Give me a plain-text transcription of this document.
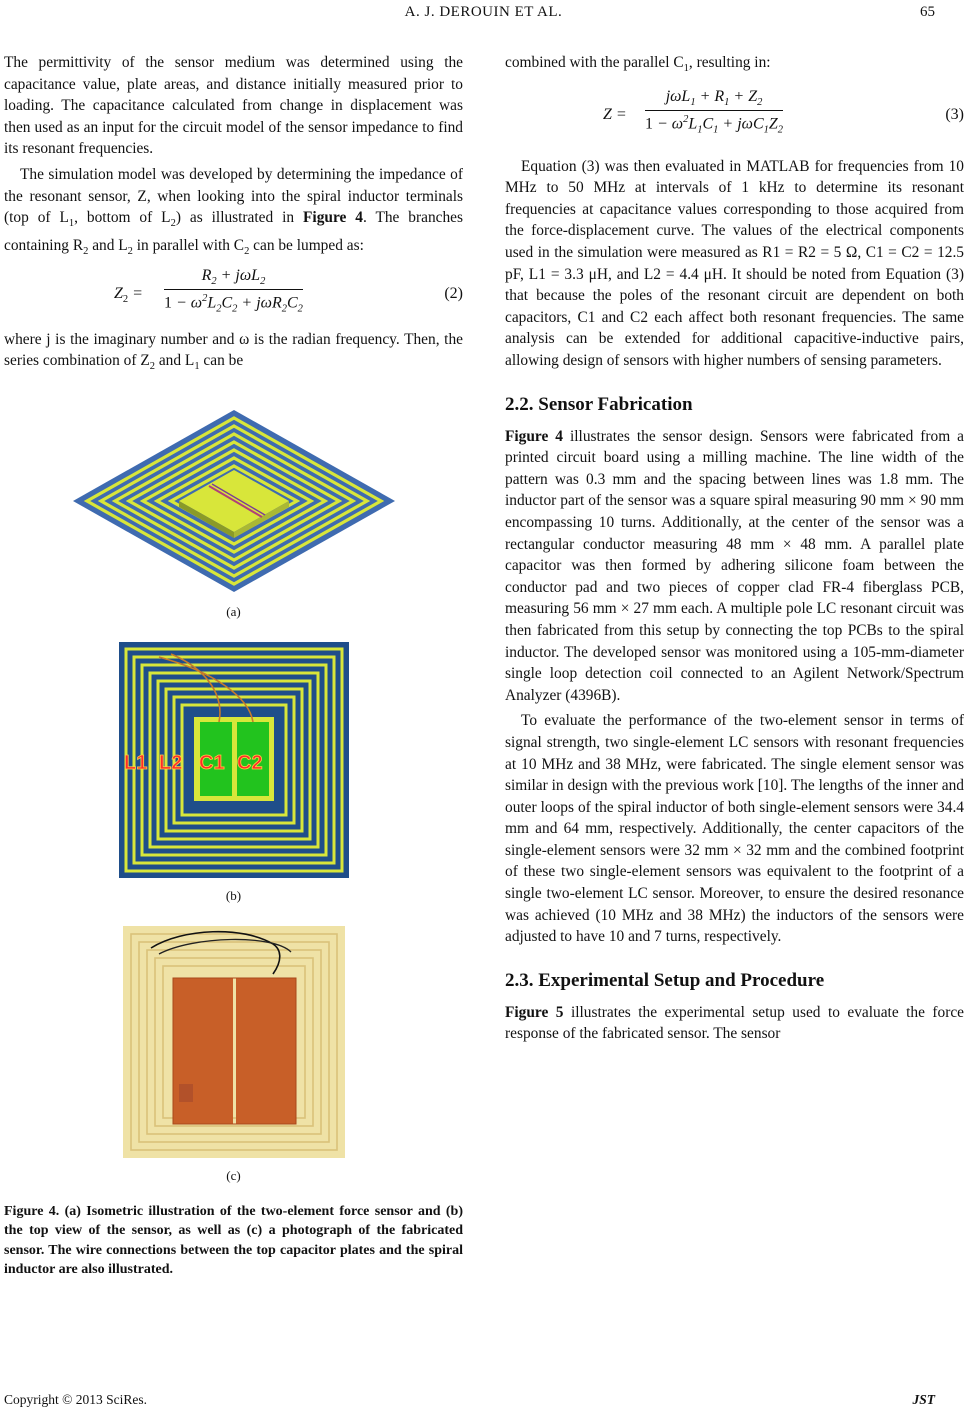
A. J. DEROUIN ET AL.	65

The permittivity of the sensor medium was determined using the capacitance value, plate areas, and distance initially measured prior to loading. The capacitance calculated from change in displacement was then used as an input for the circuit model of the sensor impedance to find its resonant frequencies.

The simulation model was developed by determining the impedance of the resonant sensor, Z, when looking into the spiral inductor terminals (top of $L_1$, bottom of $L_2$) as illustrated in Figure 4. The branches containing $R_2$ and $L_2$ in parallel with $C_2$ can be lumped as:

$Z_2$ =
$R_2 + j\omega L_2$
$1 - \omega^2L_2C_2 + j\omega R_2C_2$
(2)

where j is the imaginary number and ω is the radian frequency. Then, the series combination of $Z_2$ and $L_1$ can be

(a)
L1 L2 C1 C2
(b)
(c)

Figure 4. (a) Isometric illustration of the two-element force sensor and (b) the top view of the sensor, as well as (c) a photograph of the fabricated sensor. The wire connections between the top capacitor plates and the spiral inductor are also illustrated.

combined with the parallel $C_1$, resulting in:

Z =
$j\omega L_1 + R_1 + Z_2$
$1 - \omega^2L_1C_1 + j\omega C_1Z_2$
(3)

Equation (3) was then evaluated in MATLAB for frequencies from 10 MHz to 50 MHz at intervals of 1 kHz to determine its resonant frequencies at capacitance values corresponding to those acquired from the force-displacement curve. The values of the electrical components used in the simulation were measured as R1 = R2 = 5 Ω, C1 = C2 = 12.5 pF, L1 = 3.3 μH, and L2 = 4.4 μH. It should be noted from Equation (3) that because the poles of the resonant circuit are dependent on both capacitors, C1 and C2 each affect both resonant frequencies. The same analysis can be extended for additional capacitive-inductive pairs, allowing design of sensors with higher numbers of sensing parameters.

2.2. Sensor Fabrication

Figure 4 illustrates the sensor design. Sensors were fabricated from a printed circuit board using a milling machine. The line width of the pattern was 0.3 mm and the spacing between lines was 1.8 mm. The inductor part of the sensor was a square spiral measuring 90 mm × 90 mm encompassing 10 turns. Additionally, at the center of the sensor was a rectangular conductor measuring 48 mm × 48 mm. A parallel plate capacitor was then formed by adhering silicone foam between the conductor pad and two pieces of copper clad FR-4 fiberglass PCB, measuring 56 mm × 27 mm each. A multiple pole LC resonant circuit was then fabricated from this setup by connecting the top PCBs to the spiral inductor. The developed sensor was monitored using a 105-mm-diameter single loop detection coil connected to an Agilent Network/Spectrum Analyzer (4396B).

To evaluate the performance of the two-element sensor in terms of signal strength, two single-element LC sensors with resonant frequencies at 10 MHz and 38 MHz, were fabricated. The single element sensor was similar in design with the previous work [10]. The lengths of the inner and outer loops of the spiral inductor of both single-element sensors were 34.4 mm and 64 mm, respectively. Additionally, the center capacitors of the single-element sensors were 32 mm × 32 mm and the combined footprint of these two single-element sensors was equivalent to the footprint of a single two-element LC sensor. Moreover, to ensure the desired resonance was achieved (10 MHz and 38 MHz) the inductors of the sensors were adjusted to have 10 and 7 turns, respectively.

2.3. Experimental Setup and Procedure

Figure 5 illustrates the experimental setup used to evaluate the force response of the fabricated sensor. The sensor

Copyright © 2013 SciRes.	JST
